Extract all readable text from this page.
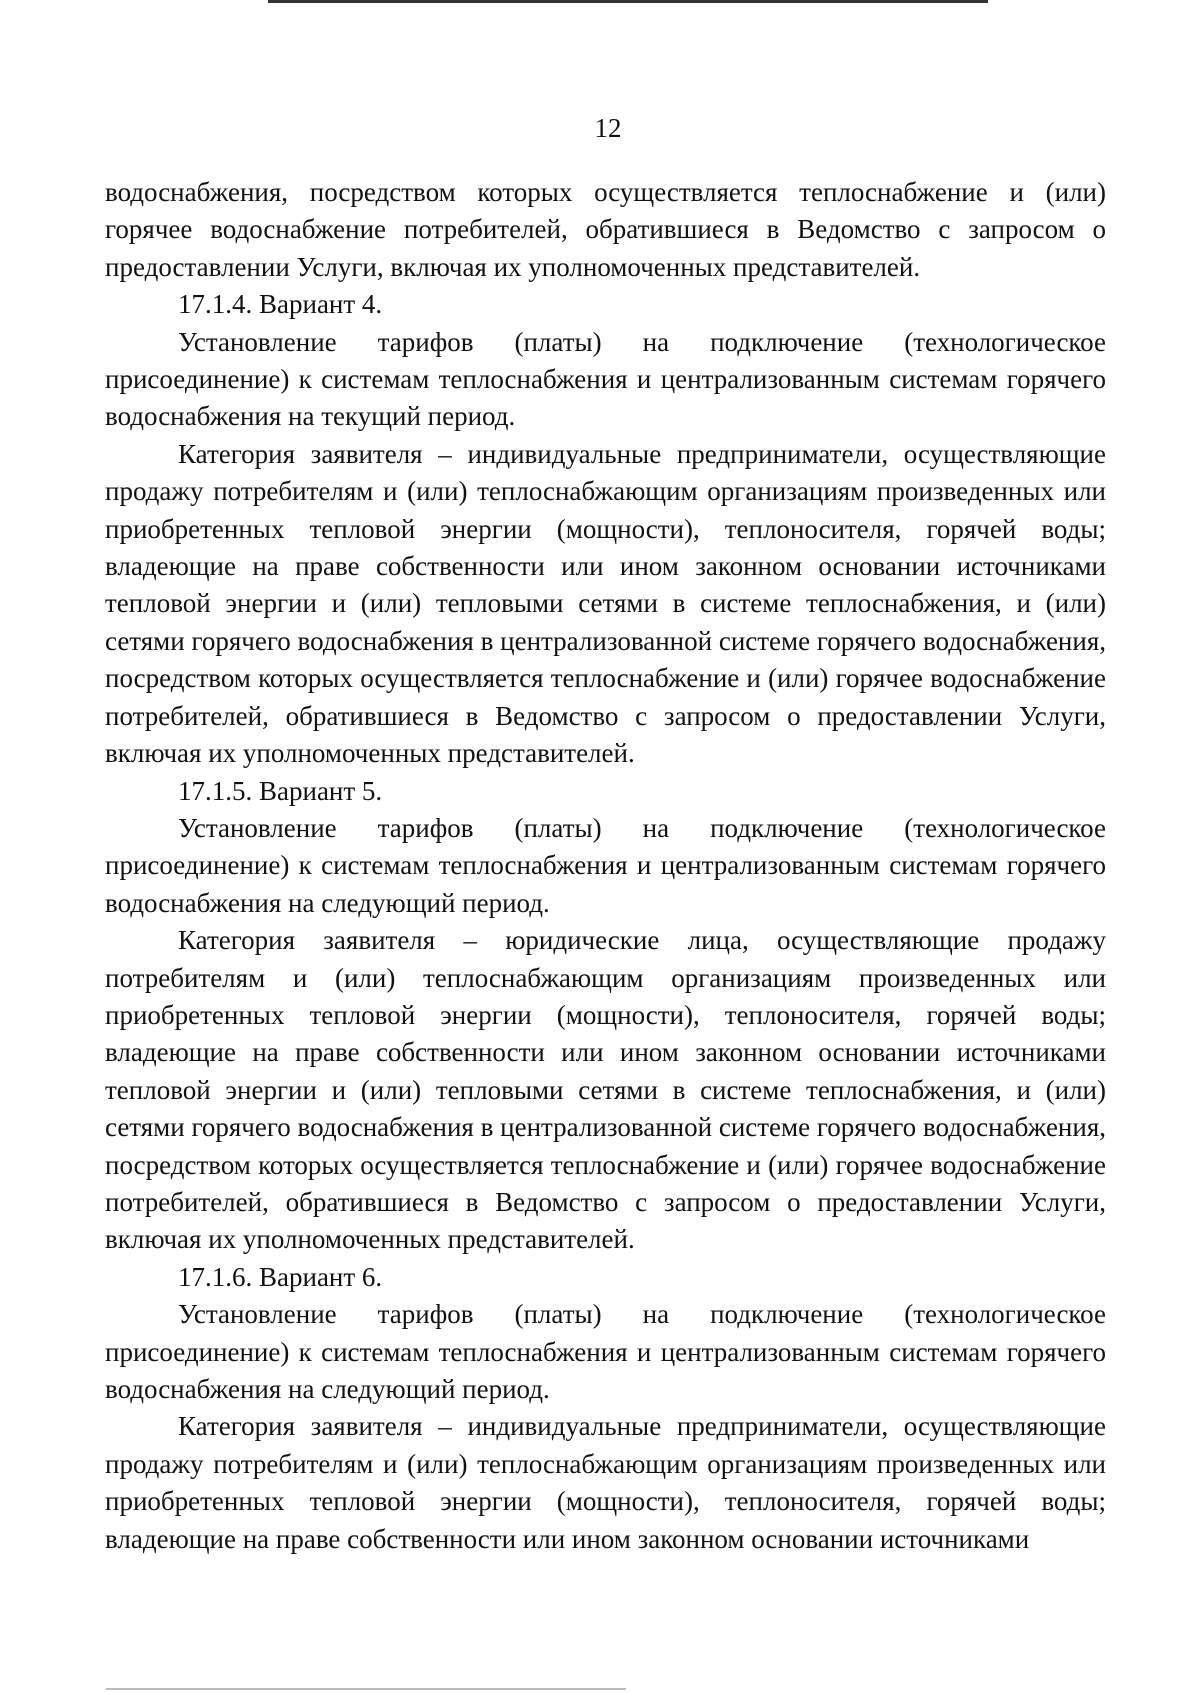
12

водоснабжения, посредством которых осуществляется теплоснабжение и (или) горячее водоснабжение потребителей, обратившиеся в Ведомство с запросом о предоставлении Услуги, включая их уполномоченных представителей.

17.1.4. Вариант 4.

Установление тарифов (платы) на подключение (технологическое присоединение) к системам теплоснабжения и централизованным системам горячего водоснабжения на текущий период.

Категория заявителя – индивидуальные предприниматели, осуществляющие продажу потребителям и (или) теплоснабжающим организациям произведенных или приобретенных тепловой энергии (мощности), теплоносителя, горячей воды; владеющие на праве собственности или ином законном основании источниками тепловой энергии и (или) тепловыми сетями в системе теплоснабжения, и (или) сетями горячего водоснабжения в централизованной системе горячего водоснабжения, посредством которых осуществляется теплоснабжение и (или) горячее водоснабжение потребителей, обратившиеся в Ведомство с запросом о предоставлении Услуги, включая их уполномоченных представителей.

17.1.5. Вариант 5.

Установление тарифов (платы) на подключение (технологическое присоединение) к системам теплоснабжения и централизованным системам горячего водоснабжения на следующий период.

Категория заявителя – юридические лица, осуществляющие продажу потребителям и (или) теплоснабжающим организациям произведенных или приобретенных тепловой энергии (мощности), теплоносителя, горячей воды; владеющие на праве собственности или ином законном основании источниками тепловой энергии и (или) тепловыми сетями в системе теплоснабжения, и (или) сетями горячего водоснабжения в централизованной системе горячего водоснабжения, посредством которых осуществляется теплоснабжение и (или) горячее водоснабжение потребителей, обратившиеся в Ведомство с запросом о предоставлении Услуги, включая их уполномоченных представителей.

17.1.6. Вариант 6.

Установление тарифов (платы) на подключение (технологическое присоединение) к системам теплоснабжения и централизованным системам горячего водоснабжения на следующий период.

Категория заявителя – индивидуальные предприниматели, осуществляющие продажу потребителям и (или) теплоснабжающим организациям произведенных или приобретенных тепловой энергии (мощности), теплоносителя, горячей воды; владеющие на праве собственности или ином законном основании источниками
